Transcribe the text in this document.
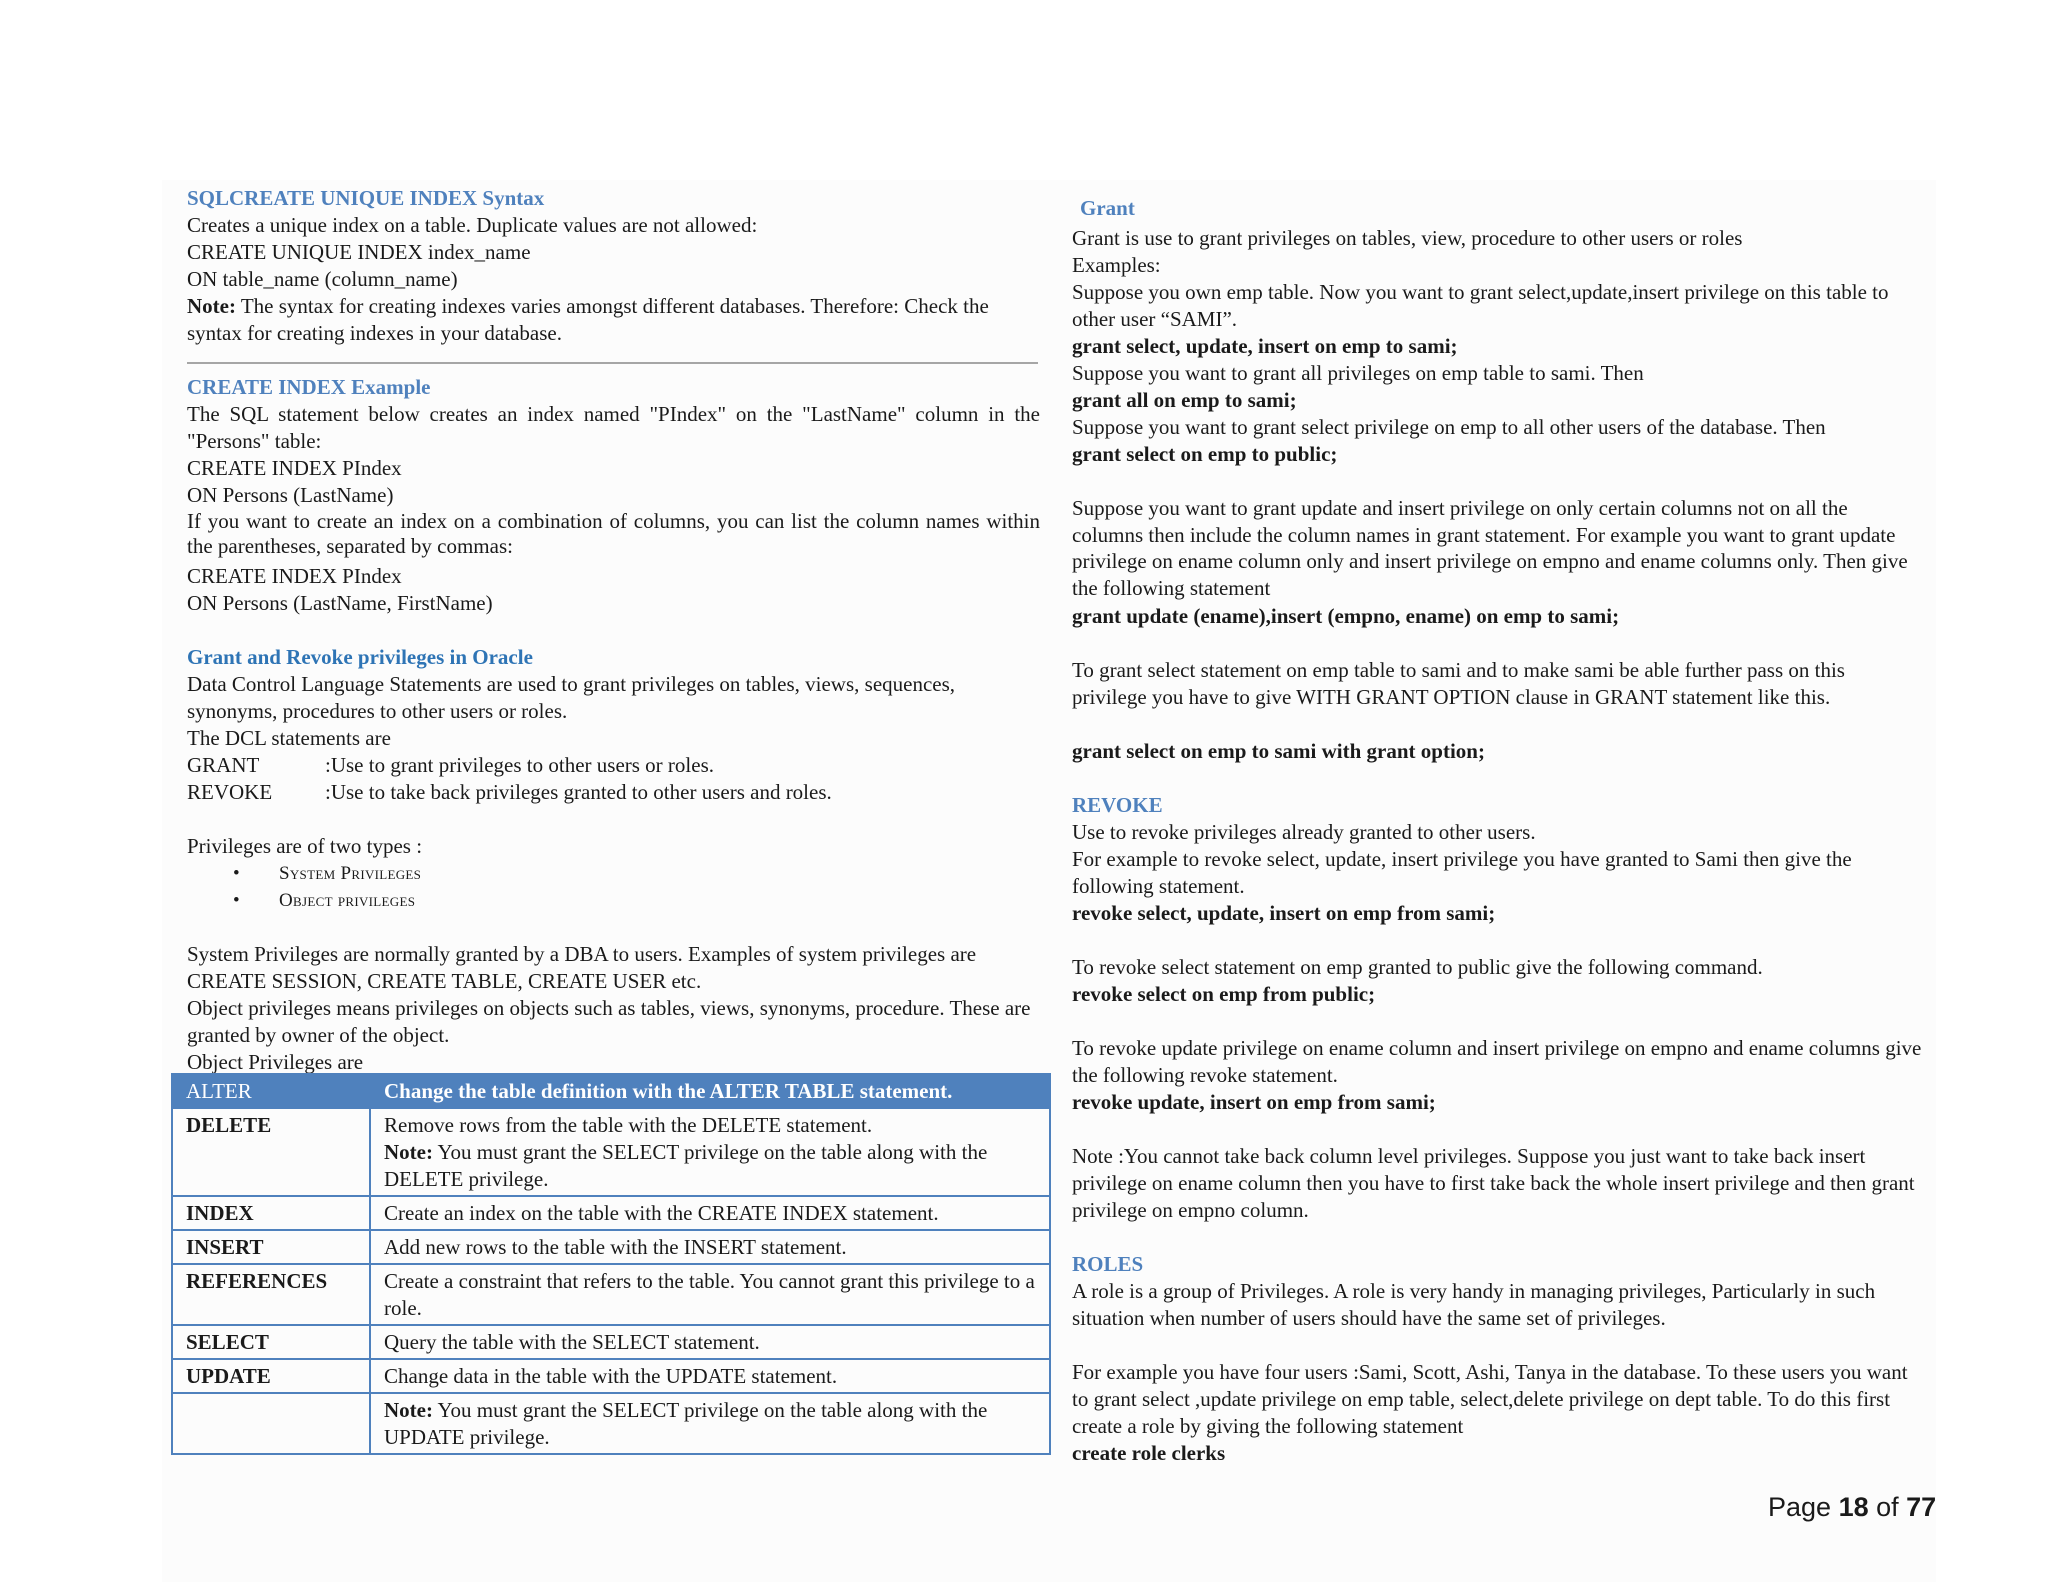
SQLCREATE UNIQUE INDEX Syntax
Creates a unique index on a table. Duplicate values are not allowed:
CREATE UNIQUE INDEX index_name
ON table_name (column_name)
Note: The syntax for creating indexes varies amongst different databases. Therefore: Check the syntax for creating indexes in your database.
CREATE INDEX Example
The SQL statement below creates an index named "PIndex" on the "LastName" column in the "Persons" table:
CREATE INDEX PIndex
ON Persons (LastName)
If you want to create an index on a combination of columns, you can list the column names within the parentheses, separated by commas:
CREATE INDEX PIndex
ON Persons (LastName, FirstName)
Grant and Revoke privileges in Oracle
Data Control Language Statements are used to grant privileges on tables, views, sequences, synonyms, procedures to other users or roles.
The DCL statements are
GRANT	:Use to grant privileges to other users or roles.
REVOKE	:Use to take back privileges granted to other users and roles.
Privileges are of two types :
• System Privileges
• Object privileges
System Privileges are normally granted by a DBA to users. Examples of system privileges are CREATE SESSION, CREATE TABLE, CREATE USER etc.
Object privileges means privileges on objects such as tables, views, synonyms, procedure. These are granted by owner of the object.
Object Privileges are
ALTER	Change the table definition with the ALTER TABLE statement.
DELETE	Remove rows from the table with the DELETE statement.
Note: You must grant the SELECT privilege on the table along with the DELETE privilege.

INDEX	Create an index on the table with the CREATE INDEX statement.
INSERT	Add new rows to the table with the INSERT statement.
REFERENCES	Create a constraint that refers to the table. You cannot grant this privilege to a role.
SELECT	Query the table with the SELECT statement.
UPDATE	Change data in the table with the UPDATE statement.
	Note: You must grant the SELECT privilege on the table along with the UPDATE privilege.
Grant
Grant is use to grant privileges on tables, view, procedure to other users or roles
Examples:
Suppose you own emp table. Now you want to grant select,update,insert privilege on this table to other user “SAMI”.
grant select, update, insert on emp to sami;
Suppose you want to grant all privileges on emp table to sami. Then
grant all on emp to sami;
Suppose you want to grant select privilege on emp to all other users of the database. Then
grant select on emp to public;
Suppose you want to grant update and insert privilege on only certain columns not on all the columns then include the column names in grant statement. For example you want to grant update privilege on ename column only and insert privilege on empno and ename columns only. Then give the following statement
grant update (ename),insert (empno, ename) on emp to sami;
To grant select statement on emp table to sami and to make sami be able further pass on this privilege you have to give WITH GRANT OPTION clause in GRANT statement like this.
grant select on emp to sami with grant option;
REVOKE
Use to revoke privileges already granted to other users.
For example to revoke select, update, insert privilege you have granted to Sami then give the following statement.
revoke select, update, insert on emp from sami;
To revoke select statement on emp granted to public give the following command.
revoke select on emp from public;
To revoke update privilege on ename column and insert privilege on empno and ename columns give the following revoke statement.
revoke update, insert on emp from sami;
Note :You cannot take back column level privileges. Suppose you just want to take back insert privilege on ename column then you have to first take back the whole insert privilege and then grant privilege on empno column.
ROLES
A role is a group of Privileges. A role is very handy in managing privileges, Particularly in such situation when number of users should have the same set of privileges.
For example you have four users :Sami, Scott, Ashi, Tanya in the database. To these users you want to grant select ,update privilege on emp table, select,delete privilege on dept table. To do this first create a role by giving the following statement
create role clerks
Page 18 of 77
